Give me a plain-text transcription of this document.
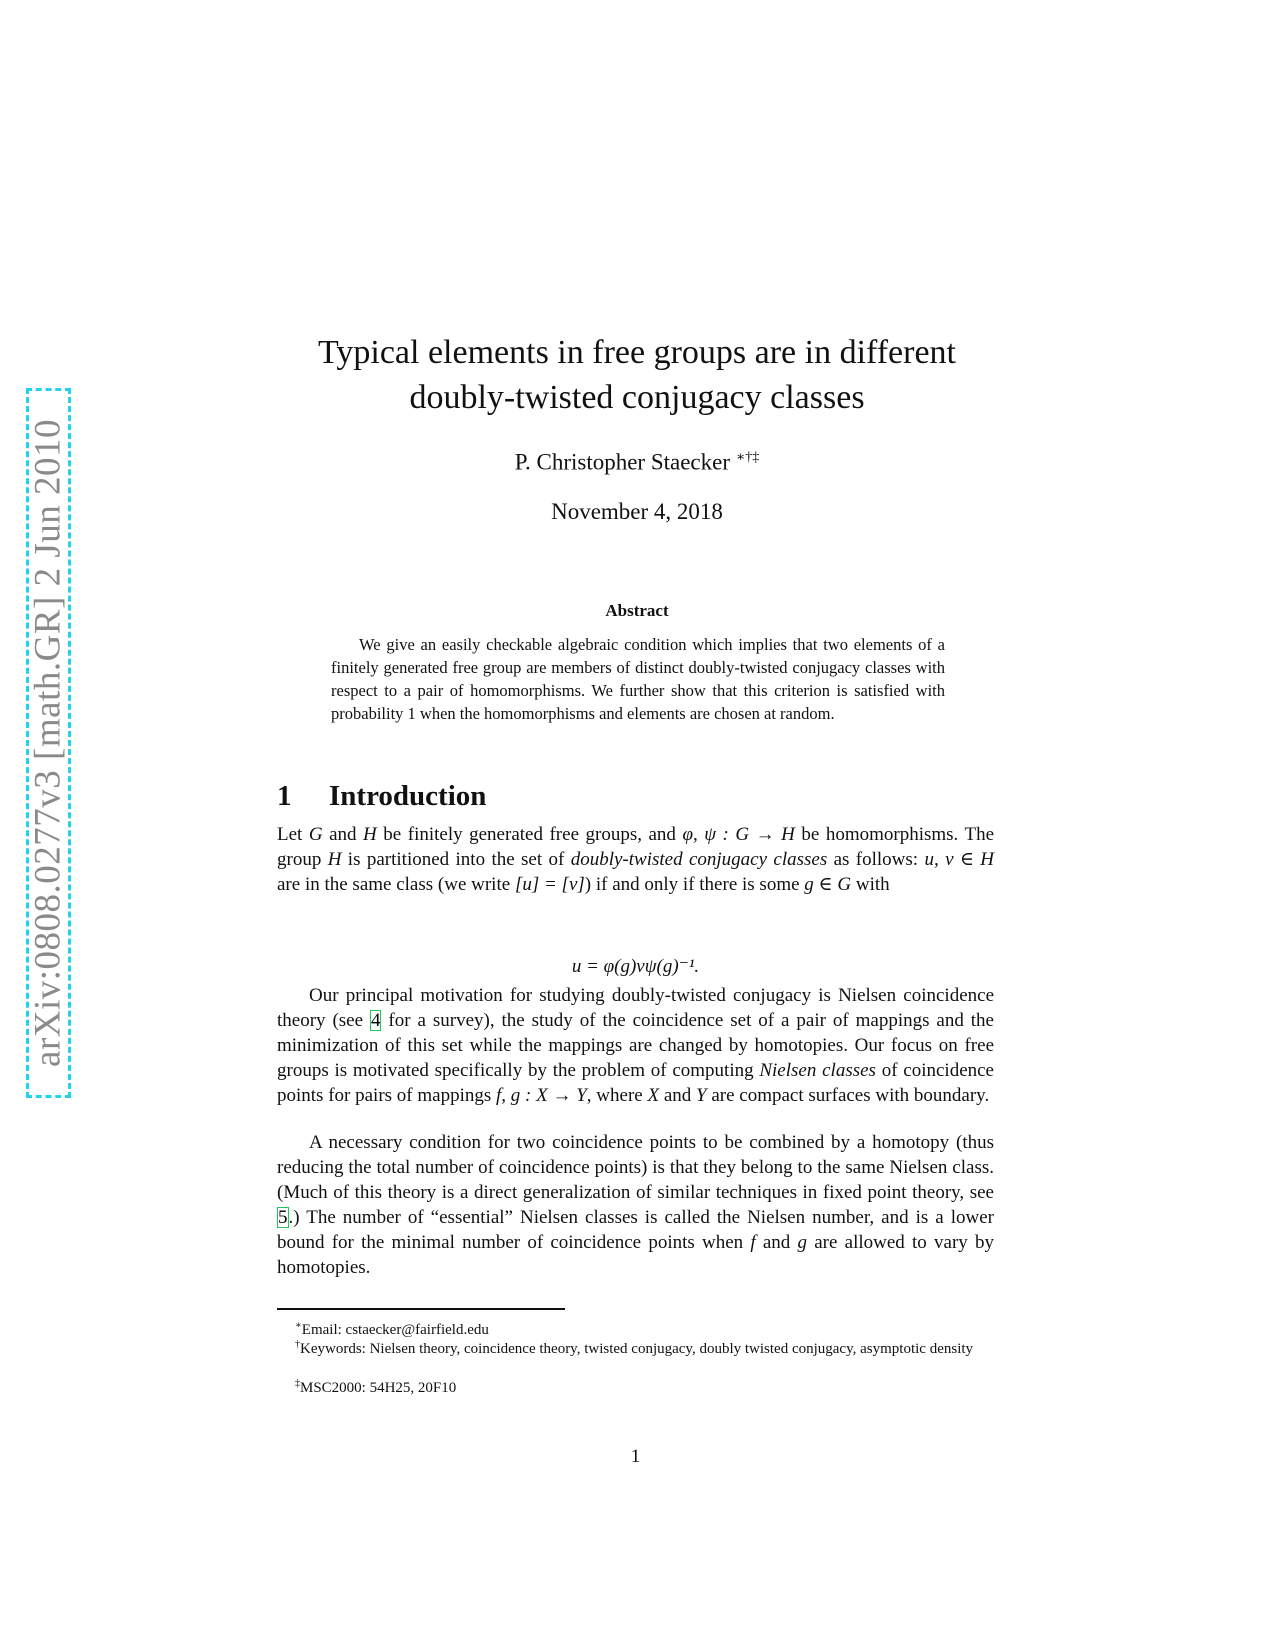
arXiv:0808.0277v3 [math.GR] 2 Jun 2010
Typical elements in free groups are in different
doubly-twisted conjugacy classes
P. Christopher Staecker ∗†‡
November 4, 2018
Abstract
We give an easily checkable algebraic condition which implies that two elements of a finitely generated free group are members of distinct doubly-twisted conjugacy classes with respect to a pair of homomorphisms. We further show that this criterion is satisfied with probability 1 when the homomorphisms and elements are chosen at random.
1 Introduction
Let G and H be finitely generated free groups, and φ, ψ : G → H be homomorphisms. The group H is partitioned into the set of doubly-twisted conjugacy classes as follows: u, v ∈ H are in the same class (we write [u] = [v]) if and only if there is some g ∈ G with
u = φ(g)vψ(g)⁻¹.
Our principal motivation for studying doubly-twisted conjugacy is Nielsen coincidence theory (see 4 for a survey), the study of the coincidence set of a pair of mappings and the minimization of this set while the mappings are changed by homotopies. Our focus on free groups is motivated specifically by the problem of computing Nielsen classes of coincidence points for pairs of mappings f, g : X → Y, where X and Y are compact surfaces with boundary.
A necessary condition for two coincidence points to be combined by a homotopy (thus reducing the total number of coincidence points) is that they belong to the same Nielsen class. (Much of this theory is a direct generalization of similar techniques in fixed point theory, see 5.) The number of “essential” Nielsen classes is called the Nielsen number, and is a lower bound for the minimal number of coincidence points when f and g are allowed to vary by homotopies.
∗Email: cstaecker@fairfield.edu
†Keywords: Nielsen theory, coincidence theory, twisted conjugacy, doubly twisted conjugacy, asymptotic density
‡MSC2000: 54H25, 20F10
1
